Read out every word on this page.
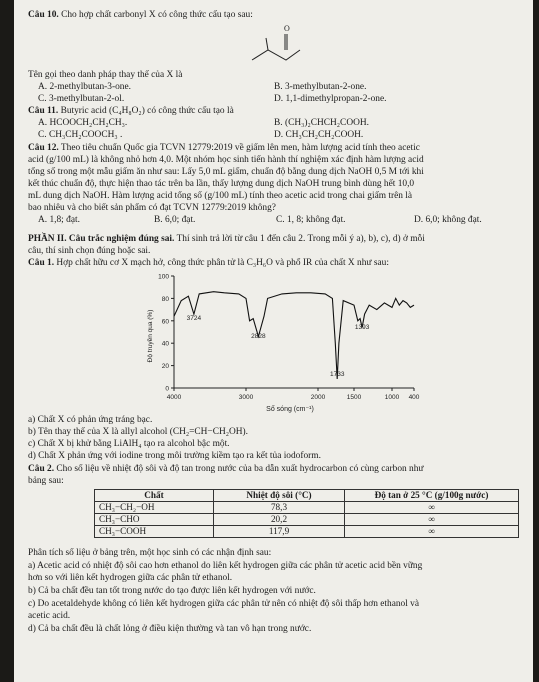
Câu 10. Cho hợp chất carbonyl X có công thức cấu tạo sau:
O
Tên gọi theo danh pháp thay thế của X là
A. 2-methylbutan-3-one.	B. 3-methylbutan-2-one.
C. 3-methylbutan-2-ol.	D. 1,1-dimethylpropan-2-one.
Câu 11. Butyric acid (C₄H₈O₂) có công thức cấu tạo là
A. HCOOCH₂CH₂CH₃.	B. (CH₃)₂CHCH₂COOH.
C. CH₃CH₂COOCH₃ .	D. CH₃CH₂CH₂COOH.
Câu 12. Theo tiêu chuẩn Quốc gia TCVN 12779:2019 về giấm lên men, hàm lượng acid tính theo acetic
acid (g/100 mL) là không nhỏ hơn 4,0. Một nhóm học sinh tiến hành thí nghiệm xác định hàm lượng acid
tổng số trong một mẫu giấm ăn như sau: Lấy 5,0 mL giấm, chuẩn độ bằng dung dịch NaOH 0,5 M tới khi
kết thúc chuẩn độ, thực hiện thao tác trên ba lần, thấy lượng dung dịch NaOH trung bình dùng hết 10,0
mL dung dịch NaOH. Hàm lượng acid tổng số (g/100 mL) tính theo acetic acid trong chai giấm trên là
bao nhiêu và cho biết sản phẩm có đạt TCVN 12779:2019 không?
A. 1,8; đạt.	B. 6,0; đạt.	C. 1, 8; không đạt.	D. 6,0; không đạt.
PHẦN II. Câu trắc nghiệm đúng sai. Thí sinh trả lời từ câu 1 đến câu 2. Trong mỗi ý a), b), c), d) ở mỗi
câu, thí sinh chọn đúng hoặc sai.
Câu 1. Hợp chất hữu cơ X mạch hở, công thức phân tử là C₃H₆O và phổ IR của chất X như sau:
4000	3000	2000	1500	1000 400
0
20
40
60
80
100
3724
2828
1393
1733
Số sóng (cm⁻¹)
Độ truyền qua (%)
a) Chất X có phản ứng tráng bạc.
b) Tên thay thế của X là allyl alcohol (CH₂=CH−CH₂OH).
c) Chất X bị khử bằng LiAlH₄ tạo ra alcohol bậc một.
d) Chất X phản ứng với iodine trong môi trường kiềm tạo ra kết tủa iodoform.
Câu 2. Cho số liệu về nhiệt độ sôi và độ tan trong nước của ba dẫn xuất hydrocarbon có cùng carbon như
bảng sau:
Chất	Nhiệt độ sôi (°C)	Độ tan ở 25 °C (g/100g nước)
CH₃−CH₂−OH	78,3	∞
CH₃−CHO	20,2	∞
CH₃−COOH	117,9	∞
Phân tích số liệu ở bảng trên, một học sinh có các nhận định sau:
a) Acetic acid có nhiệt độ sôi cao hơn ethanol do liên kết hydrogen giữa các phân tử acetic acid bền vững
hơn so với liên kết hydrogen giữa các phân tử ethanol.
b) Cả ba chất đều tan tốt trong nước do tạo được liên kết hydrogen với nước.
c) Do acetaldehyde không có liên kết hydrogen giữa các phân tử nên có nhiệt độ sôi thấp hơn ethanol và
acetic acid.
d) Cả ba chất đều là chất lỏng ở điều kiện thường và tan vô hạn trong nước.
